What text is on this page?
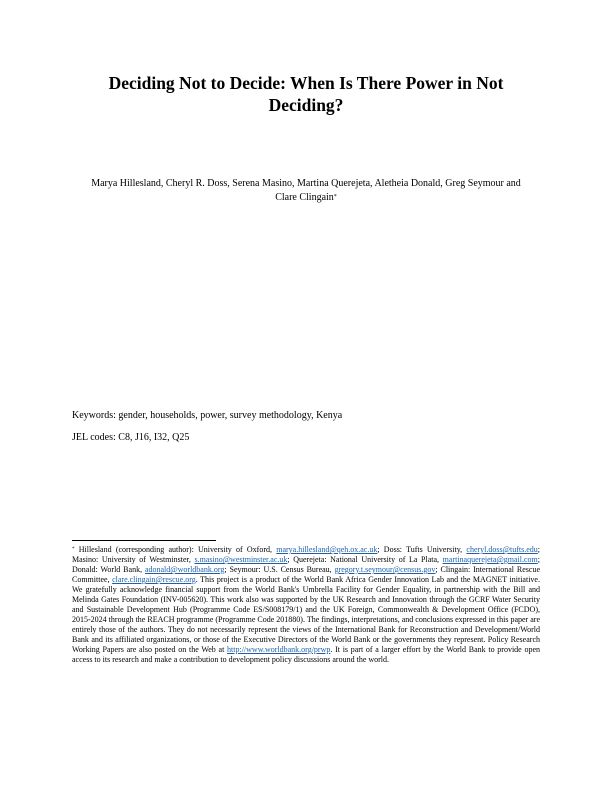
Deciding Not to Decide: When Is There Power in Not Deciding?
Marya Hillesland, Cheryl R. Doss, Serena Masino, Martina Querejeta, Aletheia Donald, Greg Seymour and Clare Clingain*
Keywords: gender, households, power, survey methodology, Kenya
JEL codes: C8, J16, I32, Q25
* Hillesland (corresponding author): University of Oxford, marya.hillesland@qeh.ox.ac.uk; Doss: Tufts University, cheryl.doss@tufts.edu; Masino: University of Westminster, s.masino@westminster.ac.uk; Querejeta: National University of La Plata, martinaquerejeta@gmail.com; Donald: World Bank, adonald@worldbank.org; Seymour: U.S. Census Bureau, gregory.t.seymour@census.gov; Clingain: International Rescue Committee, clare.clingain@rescue.org. This project is a product of the World Bank Africa Gender Innovation Lab and the MAGNET initiative. We gratefully acknowledge financial support from the World Bank's Umbrella Facility for Gender Equality, in partnership with the Bill and Melinda Gates Foundation (INV-005620). This work also was supported by the UK Research and Innovation through the GCRF Water Security and Sustainable Development Hub (Programme Code ES/S008179/1) and the UK Foreign, Commonwealth & Development Office (FCDO), 2015-2024 through the REACH programme (Programme Code 201880). The findings, interpretations, and conclusions expressed in this paper are entirely those of the authors. They do not necessarily represent the views of the International Bank for Reconstruction and Development/World Bank and its affiliated organizations, or those of the Executive Directors of the World Bank or the governments they represent. Policy Research Working Papers are also posted on the Web at http://www.worldbank.org/prwp. It is part of a larger effort by the World Bank to provide open access to its research and make a contribution to development policy discussions around the world.
